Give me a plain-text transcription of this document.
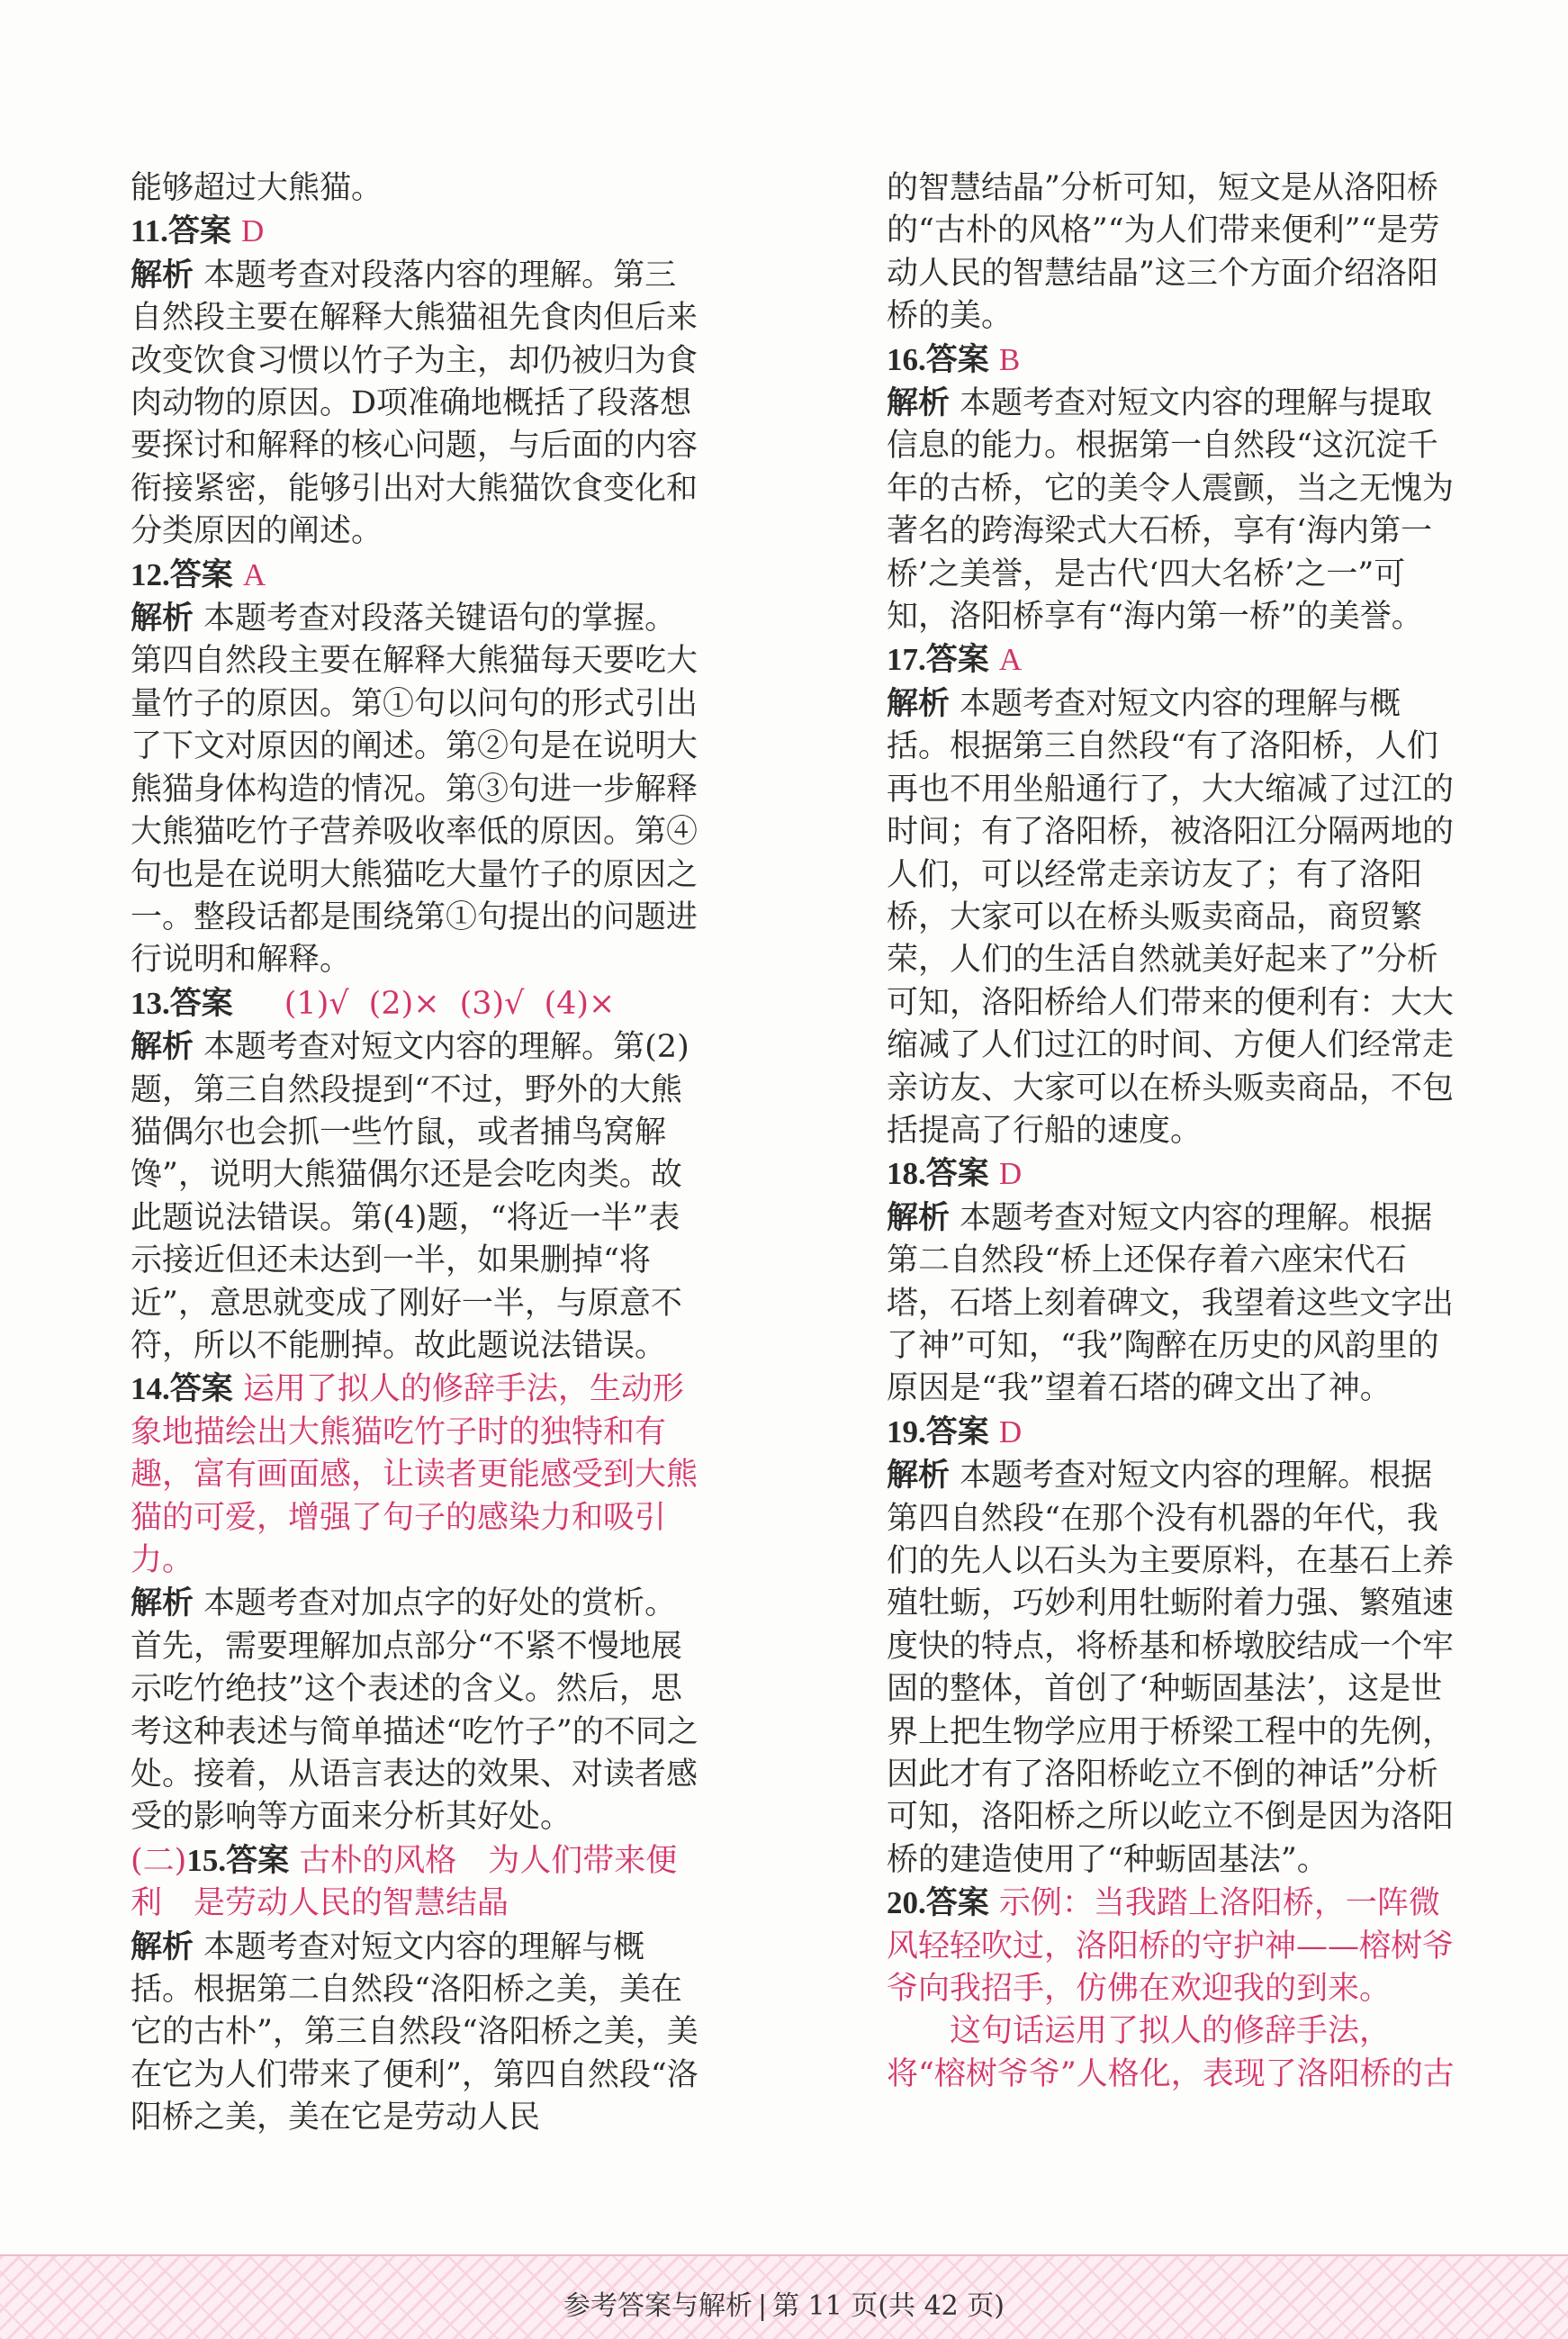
能够超过大熊猫。

11.答案 D

解析 本题考查对段落内容的理解。第三自然段主要在解释大熊猫祖先食肉但后来改变饮食习惯以竹子为主，却仍被归为食肉动物的原因。D项准确地概括了段落想要探讨和解释的核心问题，与后面的内容衔接紧密，能够引出对大熊猫饮食变化和分类原因的阐述。

12.答案 A

解析 本题考查对段落关键语句的掌握。第四自然段主要在解释大熊猫每天要吃大量竹子的原因。第①句以问句的形式引出了下文对原因的阐述。第②句是在说明大熊猫身体构造的情况。第③句进一步解释大熊猫吃竹子营养吸收率低的原因。第④句也是在说明大熊猫吃大量竹子的原因之一。整段话都是围绕第①句提出的问题进行说明和解释。

13.答案　 (1)√ (2)× (3)√ (4)×

解析 本题考查对短文内容的理解。第(2)题，第三自然段提到“不过，野外的大熊猫偶尔也会抓一些竹鼠，或者捕鸟窝解馋”，说明大熊猫偶尔还是会吃肉类。故此题说法错误。第(4)题，“将近一半”表示接近但还未达到一半，如果删掉“将近”，意思就变成了刚好一半，与原意不符，所以不能删掉。故此题说法错误。

14.答案 运用了拟人的修辞手法，生动形象地描绘出大熊猫吃竹子时的独特和有趣，富有画面感，让读者更能感受到大熊猫的可爱，增强了句子的感染力和吸引力。

解析 本题考查对加点字的好处的赏析。首先，需要理解加点部分“不紧不慢地展示吃竹绝技”这个表述的含义。然后，思考这种表述与简单描述“吃竹子”的不同之处。接着，从语言表达的效果、对读者感受的影响等方面来分析其好处。

(二)15.答案 古朴的风格　为人们带来便利　是劳动人民的智慧结晶

解析 本题考查对短文内容的理解与概括。根据第二自然段“洛阳桥之美，美在它的古朴”，第三自然段“洛阳桥之美，美在它为人们带来了便利”，第四自然段“洛阳桥之美，美在它是劳动人民

的智慧结晶”分析可知，短文是从洛阳桥的“古朴的风格”“为人们带来便利”“是劳动人民的智慧结晶”这三个方面介绍洛阳桥的美。

16.答案 B

解析 本题考查对短文内容的理解与提取信息的能力。根据第一自然段“这沉淀千年的古桥，它的美令人震颤，当之无愧为著名的跨海梁式大石桥，享有‘海内第一桥’之美誉，是古代‘四大名桥’之一”可知，洛阳桥享有“海内第一桥”的美誉。

17.答案 A

解析 本题考查对短文内容的理解与概括。根据第三自然段“有了洛阳桥，人们再也不用坐船通行了，大大缩减了过江的时间；有了洛阳桥，被洛阳江分隔两地的人们，可以经常走亲访友了；有了洛阳桥，大家可以在桥头贩卖商品，商贸繁荣，人们的生活自然就美好起来了”分析可知，洛阳桥给人们带来的便利有：大大缩减了人们过江的时间、方便人们经常走亲访友、大家可以在桥头贩卖商品，不包括提高了行船的速度。

18.答案 D

解析 本题考查对短文内容的理解。根据第二自然段“桥上还保存着六座宋代石塔，石塔上刻着碑文，我望着这些文字出了神”可知，“我”陶醉在历史的风韵里的原因是“我”望着石塔的碑文出了神。

19.答案 D

解析 本题考查对短文内容的理解。根据第四自然段“在那个没有机器的年代，我们的先人以石头为主要原料，在基石上养殖牡蛎，巧妙利用牡蛎附着力强、繁殖速度快的特点，将桥基和桥墩胶结成一个牢固的整体，首创了‘种蛎固基法’，这是世界上把生物学应用于桥梁工程中的先例，因此才有了洛阳桥屹立不倒的神话”分析可知，洛阳桥之所以屹立不倒是因为洛阳桥的建造使用了“种蛎固基法”。

20.答案 示例：当我踏上洛阳桥，一阵微风轻轻吹过，洛阳桥的守护神——榕树爷爷向我招手，仿佛在欢迎我的到来。

这句话运用了拟人的修辞手法，将“榕树爷爷”人格化，表现了洛阳桥的古

参考答案与解析 | 第 11 页(共 42 页)
